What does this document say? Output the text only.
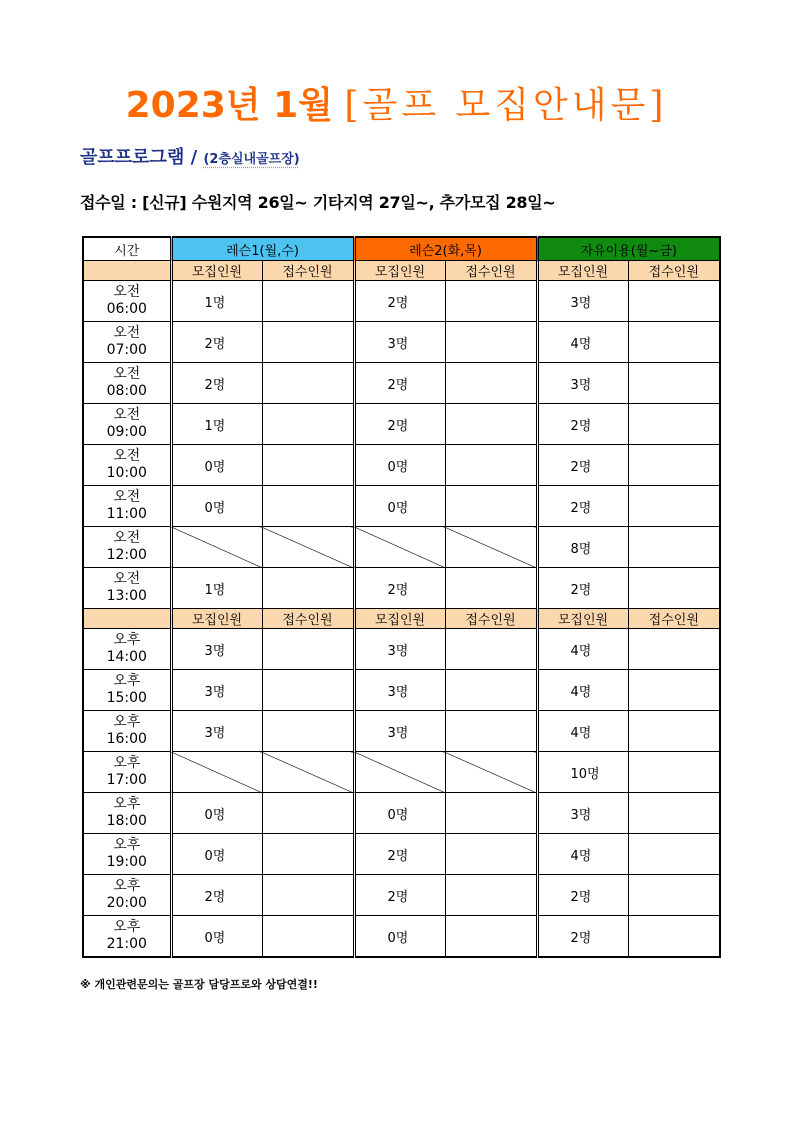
2023년 1월 [골프 모집안내문]
골프프로그램 / (2층실내골프장)
접수일 : [신규] 수원지역 26일~ 기타지역 27일~, 추가모집 28일~
시간	레슨1(월,수)		레슨2(화,목)		자유이용(월~금)	
	모집인원	접수인원	모집인원	접수인원	모집인원	접수인원

오전
06:00	1명		2명		3명	

오전
07:00	2명		3명		4명	

오전
08:00	2명		2명		3명	

오전
09:00	1명		2명		2명	

오전
10:00	0명		0명		2명	

오전
11:00	0명		0명		2명	

오전
12:00					8명	

오전
13:00	1명		2명		2명	
	모집인원	접수인원	모집인원	접수인원	모집인원	접수인원

오후
14:00	3명		3명		4명	

오후
15:00	3명		3명		4명	

오후
16:00	3명		3명		4명	

오후
17:00					10명	

오후
18:00	0명		0명		3명	

오후
19:00	0명		2명		4명	

오후
20:00	2명		2명		2명	

오후
21:00	0명		0명		2명	
※ 개인관련문의는 골프장 담당프로와 상담연결!!
